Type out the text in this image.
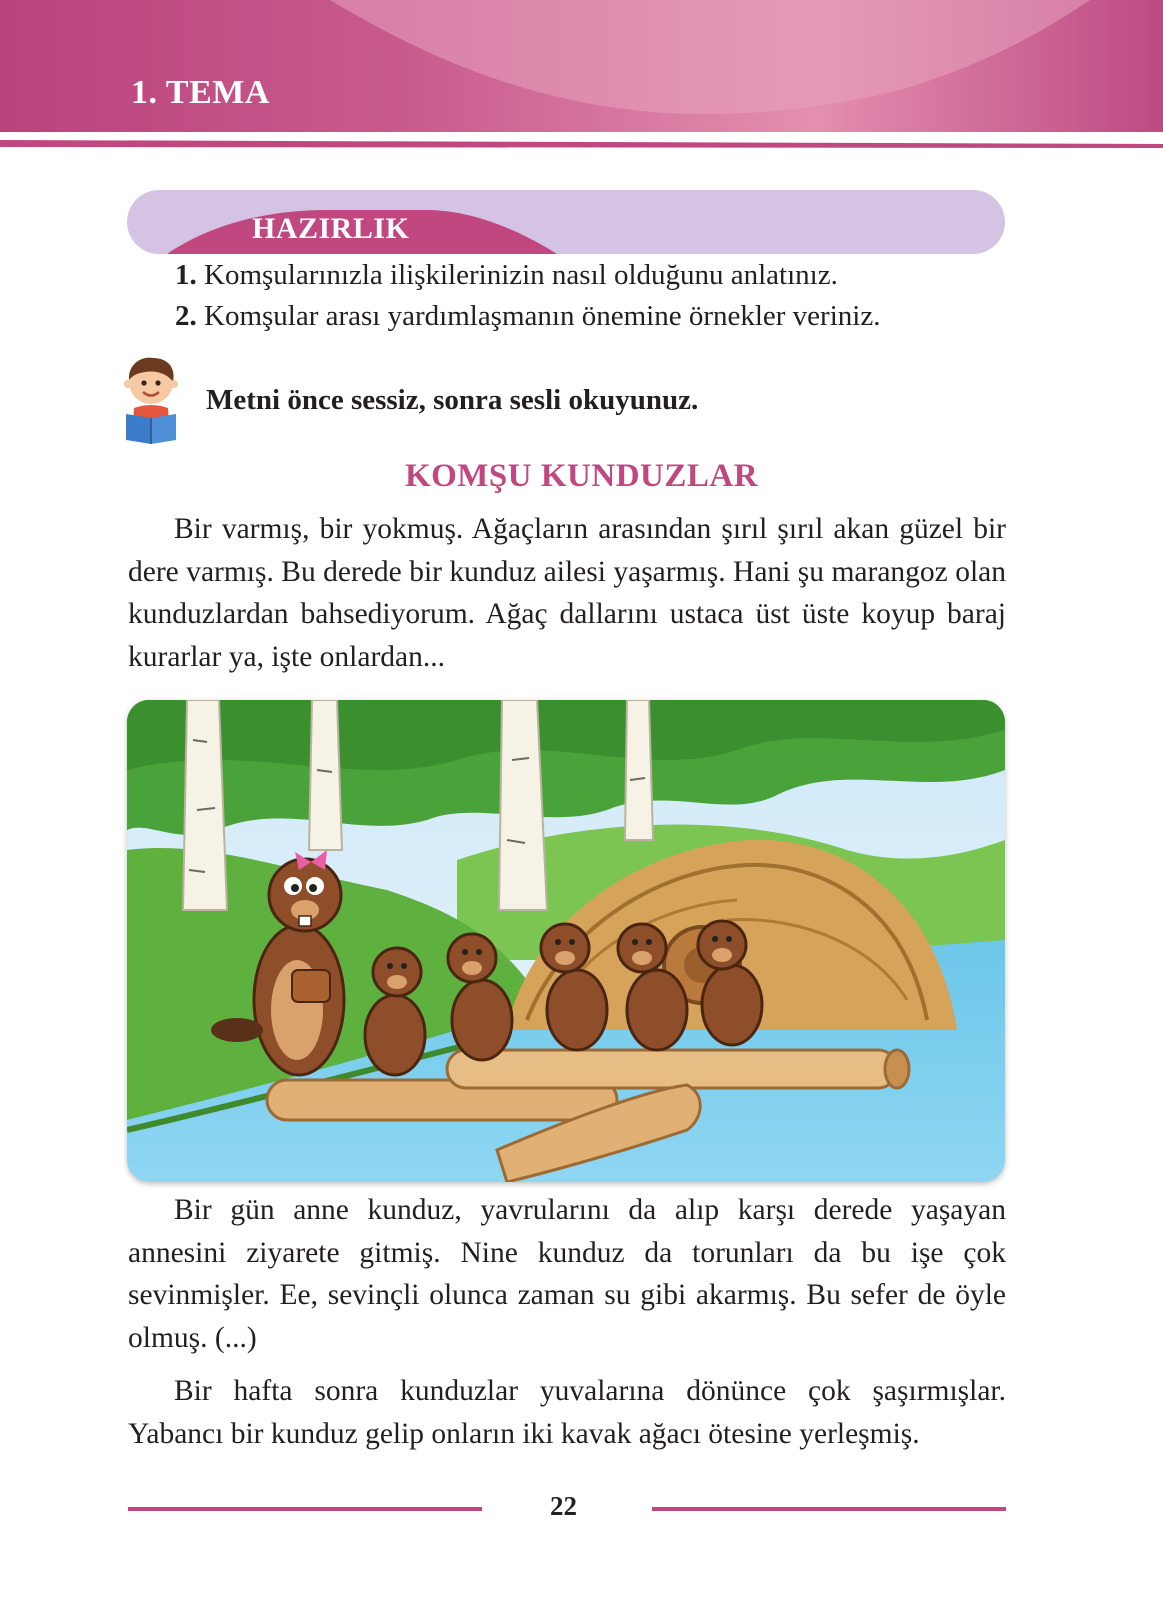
1. TEMA
HAZIRLIK
1. Komşularınızla ilişkilerinizin nasıl olduğunu anlatınız.
2. Komşular arası yardımlaşmanın önemine örnekler veriniz.
Metni önce sessiz, sonra sesli okuyunuz.
KOMŞU KUNDUZLAR

Bir varmış, bir yokmuş. Ağaçların arasından şırıl şırıl akan güzel bir dere varmış. Bu derede bir kunduz ailesi yaşarmış. Hani şu marangoz olan kunduzlardan bahsediyorum. Ağaç dallarını ustaca üst üste koyup baraj kurarlar ya, işte onlardan...

Bir gün anne kunduz, yavrularını da alıp karşı derede yaşayan annesini ziyarete gitmiş. Nine kunduz da torunları da bu işe çok sevinmişler. Ee, sevinçli olunca zaman su gibi akarmış. Bu sefer de öyle olmuş. (...)

Bir hafta sonra kunduzlar yuvalarına dönünce çok şaşırmışlar. Yabancı bir kunduz gelip onların iki kavak ağacı ötesine yerleşmiş.

22
